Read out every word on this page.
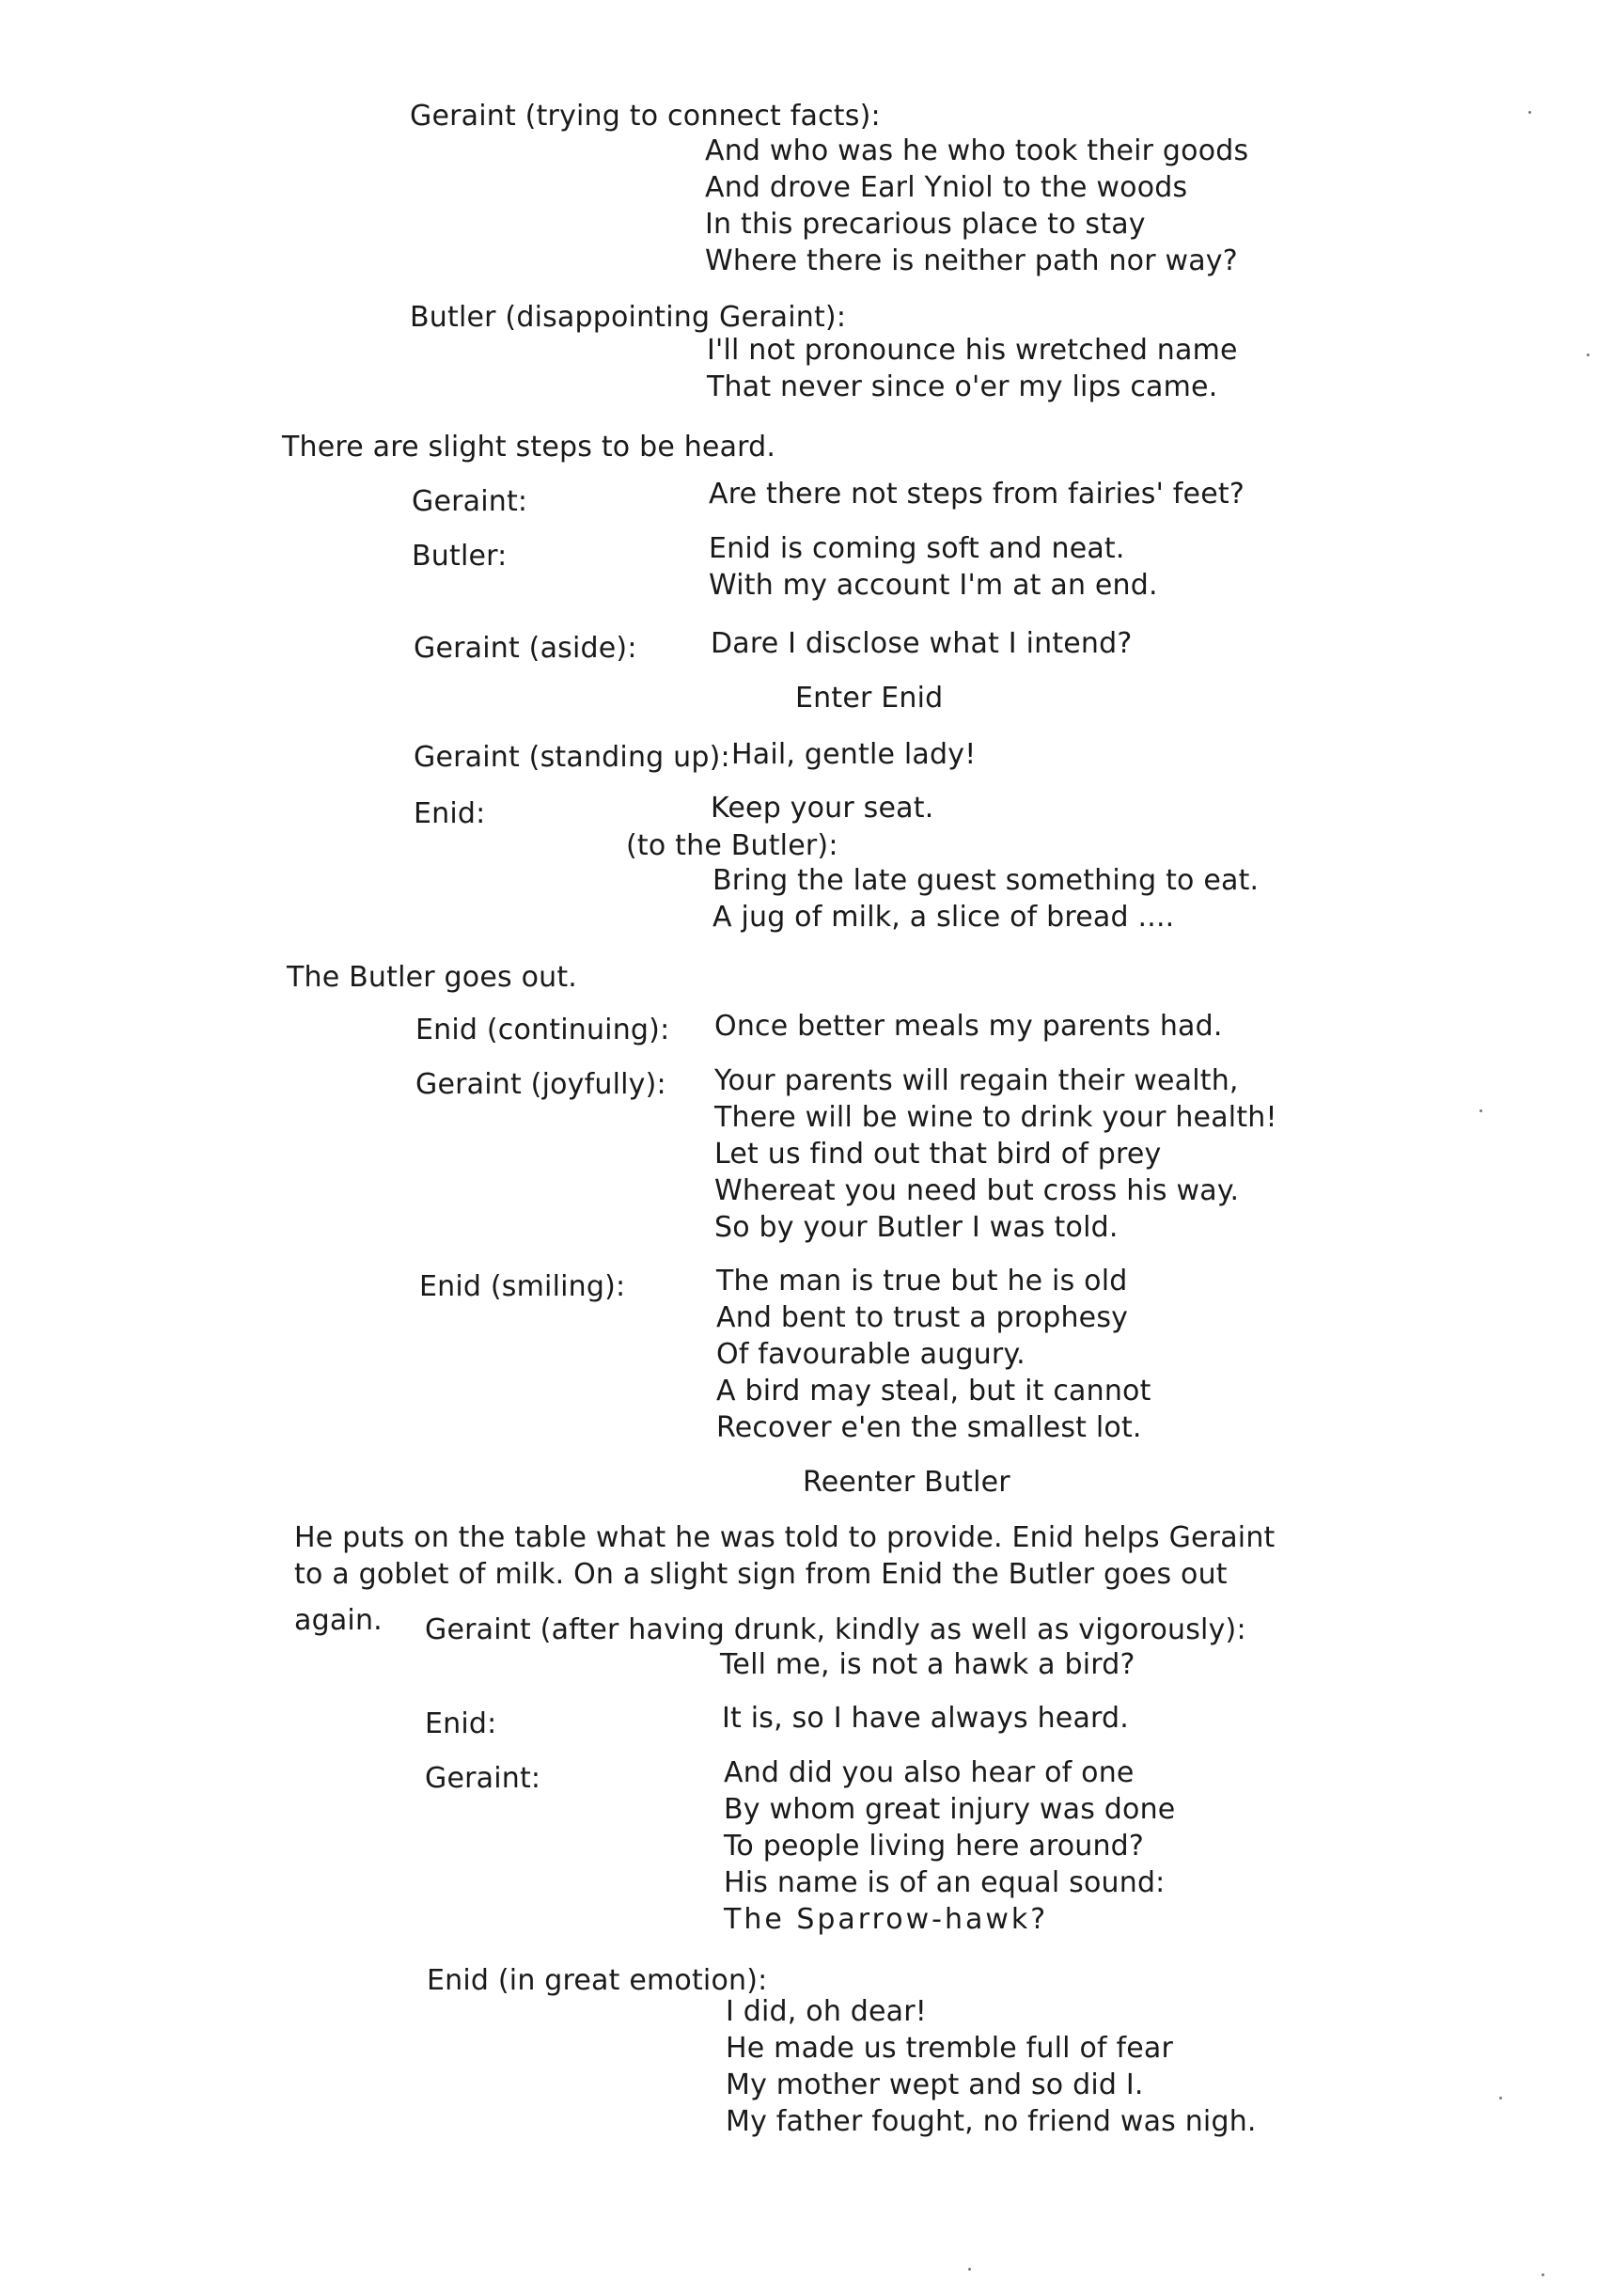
Geraint (trying to connect facts):
And who was he who took their goods
And drove Earl Yniol to the woods
In this precarious place to stay
Where there is neither path nor way?
Butler (disappointing Geraint):
I'll not pronounce his wretched name
That never since o'er my lips came.
There are slight steps to be heard.
Geraint:	Are there not steps from fairies' feet?
Butler:	Enid is coming soft and neat.
With my account I'm at an end.
Geraint (aside):	Dare I disclose what I intend?
Enter Enid
Geraint (standing up): Hail, gentle lady!
Enid:	Keep your seat.
(to the Butler):
Bring the late guest something to eat.
A jug of milk, a slice of bread ....
The Butler goes out.
Enid (continuing): Once better meals my parents had.
Geraint (joyfully): Your parents will regain their wealth,
There will be wine to drink your health!
Let us find out that bird of prey
Whereat you need but cross his way.
So by your Butler I was told.
Enid (smiling):	The man is true but he is old
And bent to trust a prophesy
Of favourable augury.
A bird may steal, but it cannot
Recover e'en the smallest lot.
Reenter Butler
He puts on the table what he was told to provide. Enid helps Geraint
to a goblet of milk. On a slight sign from Enid the Butler goes out
again. Geraint (after having drunk, kindly as well as vigorously):
Tell me, is not a hawk a bird?
Enid:	It is, so I have always heard.
Geraint:	And did you also hear of one
By whom great injury was done
To people living here around?
His name is of an equal sound:
The Sparrow-hawk?
Enid (in great emotion):
I did, oh dear!
He made us tremble full of fear
My mother wept and so did I.
My father fought, no friend was nigh.
